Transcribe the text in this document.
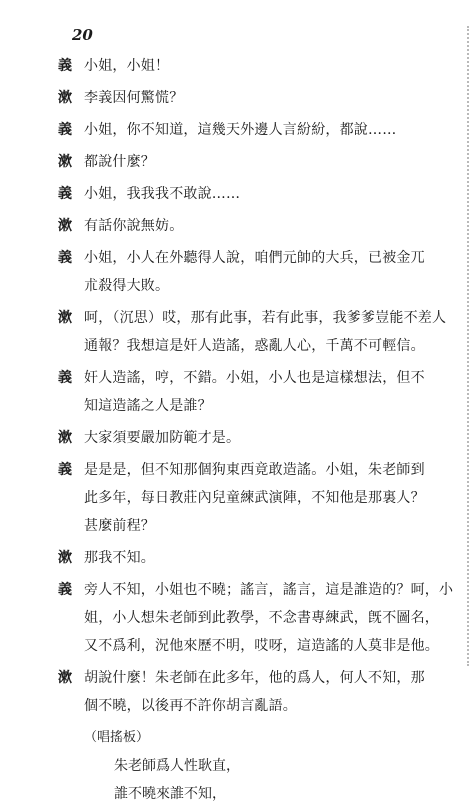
20
義 小姐，小姐！
漱 李義因何驚慌？
義 小姐，你不知道，這幾天外邊人言紛紛，都說……
漱 都說什麼？
義 小姐，我我我不敢說……
漱 有話你說無妨。
義 小姐，小人在外聽得人說，咱們元帥的大兵，已被金兀
朮殺得大敗。
漱 呵，（沉思）哎，那有此事，若有此事，我爹爹豈能不差人
通報？我想這是奸人造謠，惑亂人心，千萬不可輕信。
義 奸人造謠，哼，不錯。小姐，小人也是這樣想法，但不
知這造謠之人是誰？
漱 大家須要嚴加防範才是。
義 是是是，但不知那個狗東西竟敢造謠。小姐，朱老師到
此多年，每日教莊內兒童練武演陣，不知他是那裏人？
甚麼前程？
漱 那我不知。
義 旁人不知，小姐也不曉；謠言，謠言，這是誰造的？呵，小
姐，小人想朱老師到此教學，不念書專練武，旣不圖名，
又不爲利，況他來歷不明，哎呀，這造謠的人莫非是他。
漱 胡說什麼！朱老師在此多年，他的爲人，何人不知，那
個不曉，以後再不許你胡言亂語。
（唱搖板）
朱老師爲人性耿直，
誰不曉來誰不知，
